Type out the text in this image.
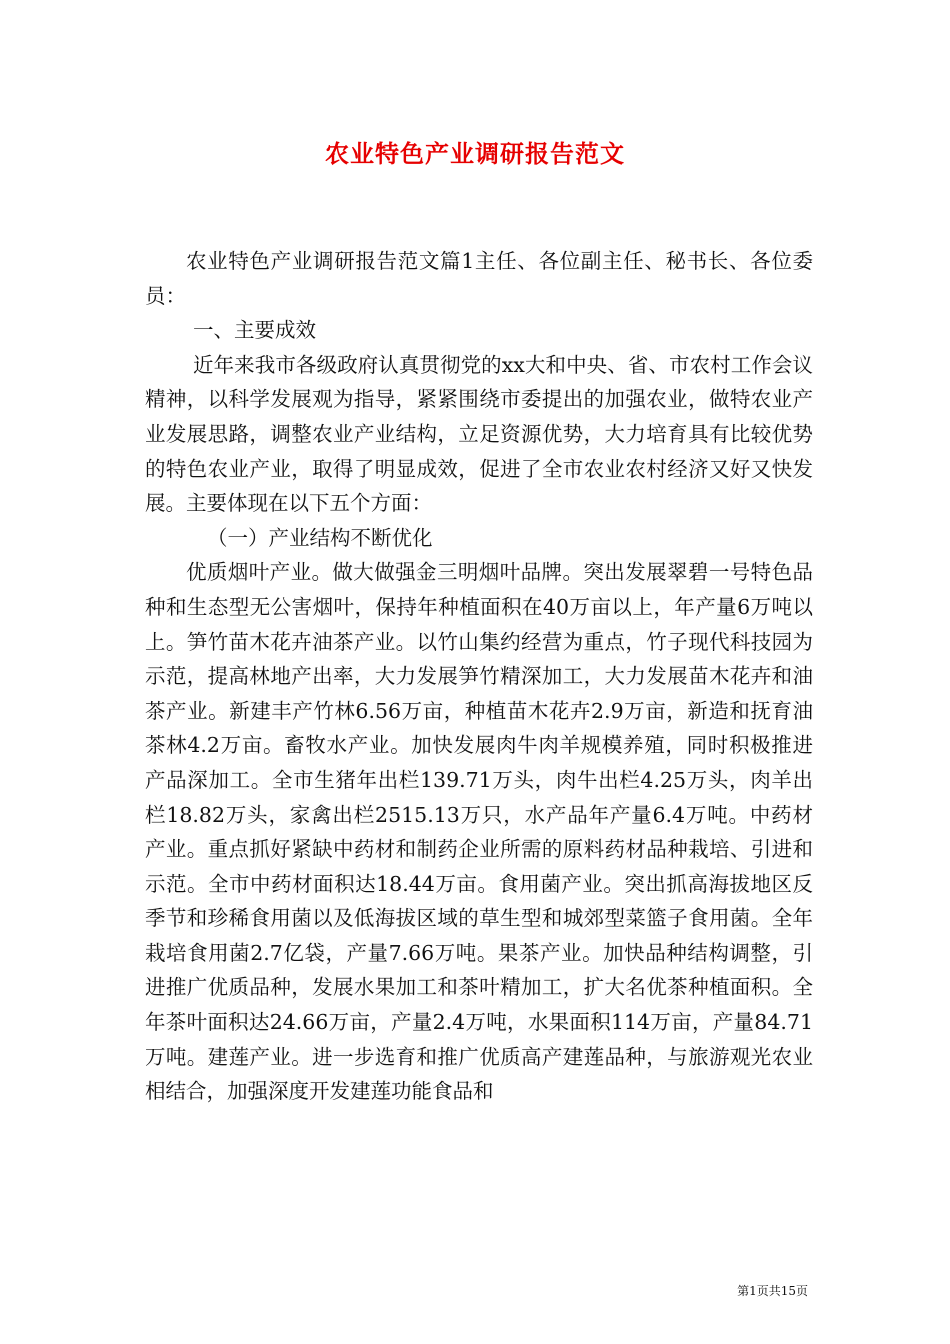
农业特色产业调研报告范文

农业特色产业调研报告范文篇1主任、各位副主任、秘书长、各位委员：

一、主要成效

近年来我市各级政府认真贯彻党的xx大和中央、省、市农村工作会议精神，以科学发展观为指导，紧紧围绕市委提出的加强农业，做特农业产业发展思路，调整农业产业结构，立足资源优势，大力培育具有比较优势的特色农业产业，取得了明显成效，促进了全市农业农村经济又好又快发展。主要体现在以下五个方面：

（一）产业结构不断优化

优质烟叶产业。做大做强金三明烟叶品牌。突出发展翠碧一号特色品种和生态型无公害烟叶，保持年种植面积在40万亩以上，年产量6万吨以上。笋竹苗木花卉油茶产业。以竹山集约经营为重点，竹子现代科技园为示范，提高林地产出率，大力发展笋竹精深加工，大力发展苗木花卉和油茶产业。新建丰产竹林6.56万亩，种植苗木花卉2.9万亩，新造和抚育油茶林4.2万亩。畜牧水产业。加快发展肉牛肉羊规模养殖，同时积极推进产品深加工。全市生猪年出栏139.71万头，肉牛出栏4.25万头，肉羊出栏18.82万头，家禽出栏2515.13万只，水产品年产量6.4万吨。中药材产业。重点抓好紧缺中药材和制药企业所需的原料药材品种栽培、引进和示范。全市中药材面积达18.44万亩。食用菌产业。突出抓高海拔地区反季节和珍稀食用菌以及低海拔区域的草生型和城郊型菜篮子食用菌。全年栽培食用菌2.7亿袋，产量7.66万吨。果茶产业。加快品种结构调整，引进推广优质品种，发展水果加工和茶叶精加工，扩大名优茶种植面积。全年茶叶面积达24.66万亩，产量2.4万吨，水果面积114万亩，产量84.71万吨。建莲产业。进一步选育和推广优质高产建莲品种，与旅游观光农业相结合，加强深度开发建莲功能食品和

第1页共15页
